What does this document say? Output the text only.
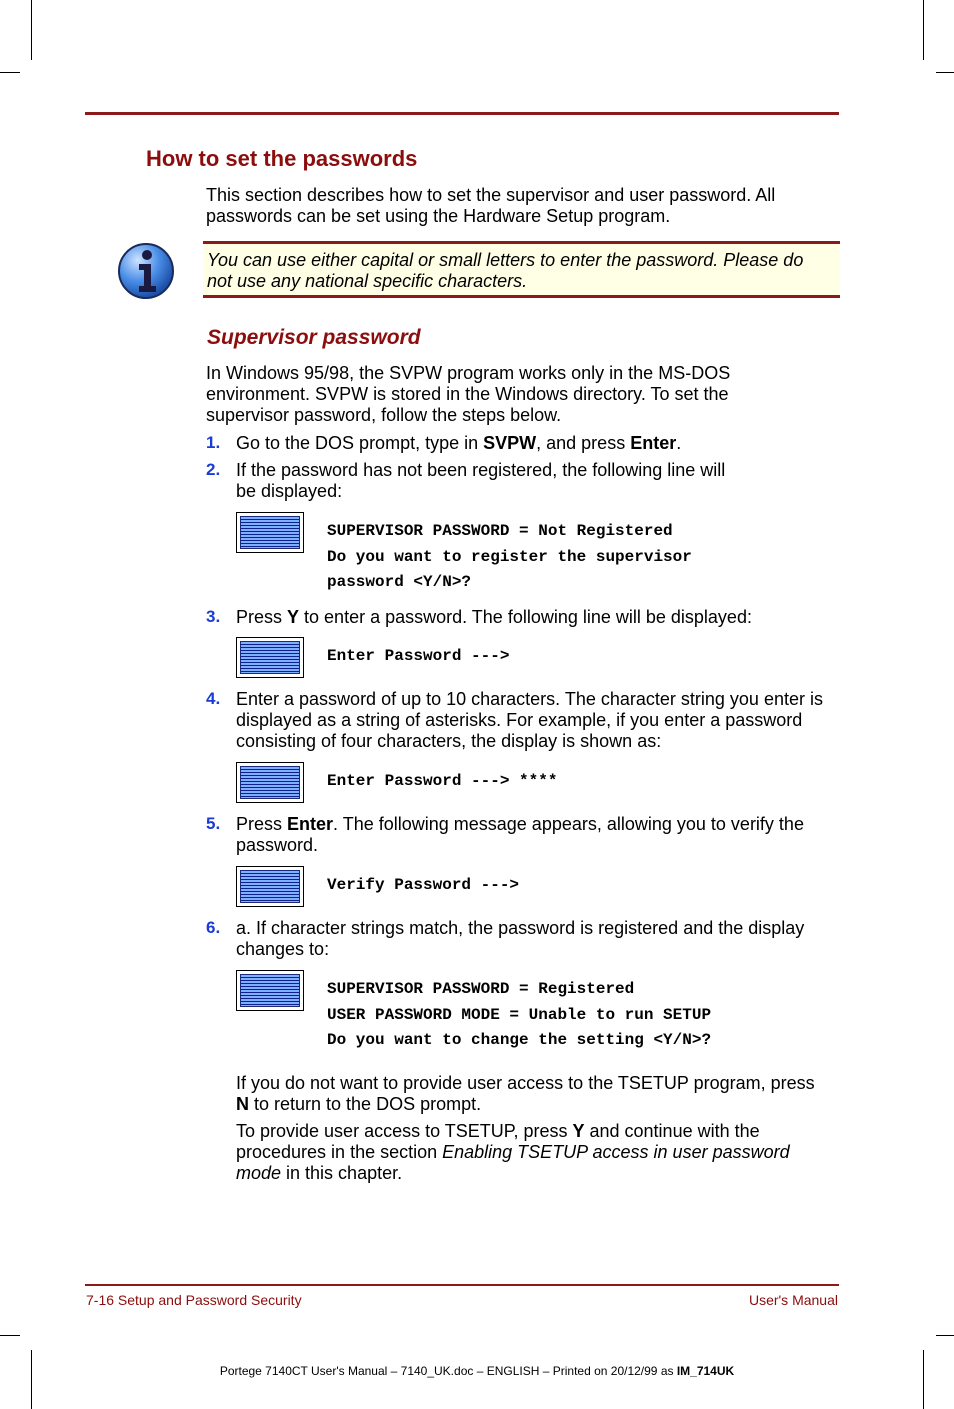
How to set the passwords

This section describes how to set the supervisor and user password. All passwords can be set using the Hardware Setup program.

You can use either capital or small letters to enter the password. Please do not use any national specific characters.
Supervisor password

In Windows 95/98, the SVPW program works only in the MS-DOS environment. SVPW is stored in the Windows directory. To set the supervisor password, follow the steps below.

1. Go to the DOS prompt, type in SVPW, and press Enter.
2. If the password has not been registered, the following line will
be displayed:
SUPERVISOR PASSWORD = Not Registered
Do you want to register the supervisor
password <Y/N>?
3. Press Y to enter a password. The following line will be displayed:
Enter Password --->
4. Enter a password of up to 10 characters. The character string you enter is displayed as a string of asterisks. For example, if you enter a password consisting of four characters, the display is shown as:
Enter Password ---> ****
5. Press Enter. The following message appears, allowing you to verify the password.
Verify Password --->
6. a. If character strings match, the password is registered and the display changes to:
SUPERVISOR PASSWORD = Registered
USER PASSWORD MODE = Unable to run SETUP
Do you want to change the setting <Y/N>?

If you do not want to provide user access to the TSETUP program, press N to return to the DOS prompt.

To provide user access to TSETUP, press Y and continue with the procedures in the section Enabling TSETUP access in user password mode in this chapter.

7-16 Setup and Password Security	User's Manual
Portege 7140CT User's Manual – 7140_UK.doc – ENGLISH – Printed on 20/12/99 as IM_714UK
